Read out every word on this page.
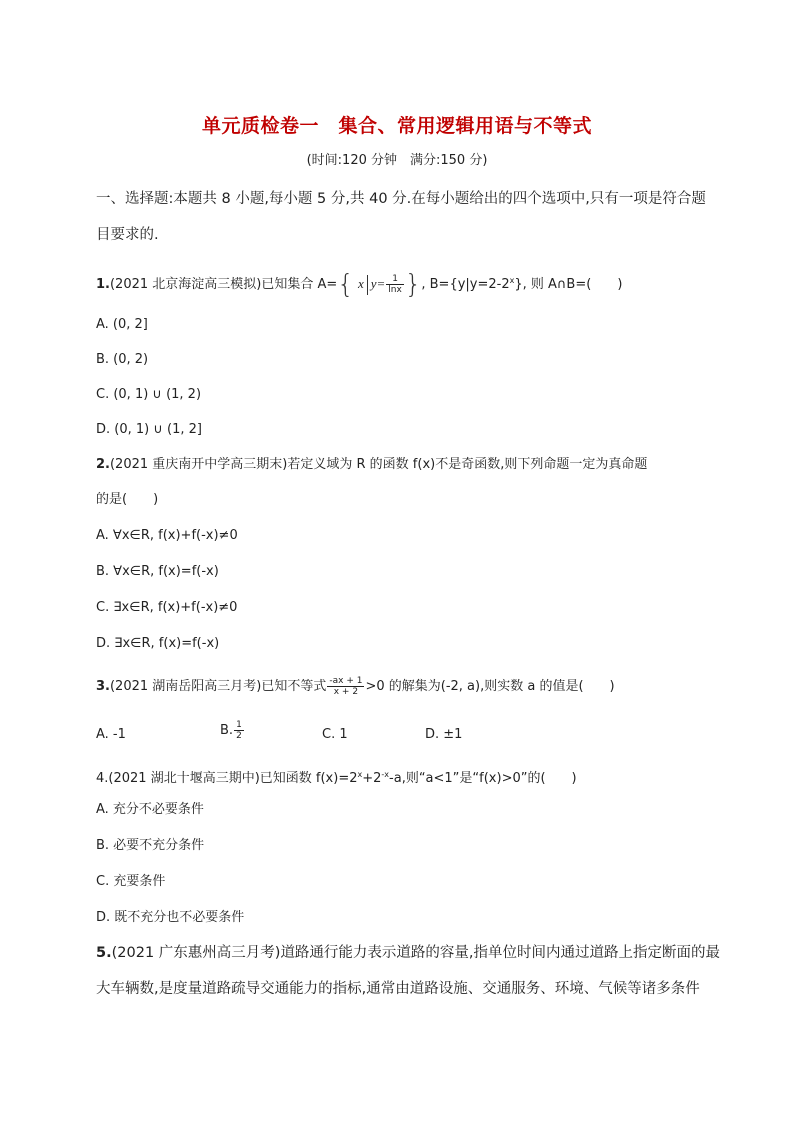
单元质检卷一　集合、常用逻辑用语与不等式
(时间:120 分钟　满分:150 分)
一、选择题:本题共 8 小题,每小题 5 分,共 40 分.在每小题给出的四个选项中,只有一项是符合题
目要求的.
1.(2021 北京海淀高三模拟)已知集合 A={ x $y= \frac{1}{\ln x}$ }, $B=\{y|y=2-2^x\}$, 则 A∩B=(　　)
A. (0, 2]
B. (0, 2)
C. (0, 1) ∪ (1, 2)
D. (0, 1) ∪ (1, 2]
2.(2021 重庆南开中学高三期末)若定义域为 R 的函数 f(x)不是奇函数,则下列命题一定为真命题
的是(　　)
A. ∀x∈R, f(x)+f(-x)≠0
B. ∀x∈R, f(x)=f(-x)
C. ∃x∈R, f(x)+f(-x)≠0
D. ∃x∈R, f(x)=f(-x)
3.(2021 湖南岳阳高三月考)已知不等式 $\frac{-ax + 1}{x + 2} >0$ 的解集为(-2, a),则实数 a 的值是(　　)
A. -1	B. $\frac{1}{2}$	C. 1	D. ±1
4.(2021 湖北十堰高三期中)已知函数 $f(x)=2^x+2^{-x}-a$,则“a<1”是“f(x)>0”的(　　)
A. 充分不必要条件
B. 必要不充分条件
C. 充要条件
D. 既不充分也不必要条件
5.(2021 广东惠州高三月考)道路通行能力表示道路的容量,指单位时间内通过道路上指定断面的最
大车辆数,是度量道路疏导交通能力的指标,通常由道路设施、交通服务、环境、气候等诸多条件
